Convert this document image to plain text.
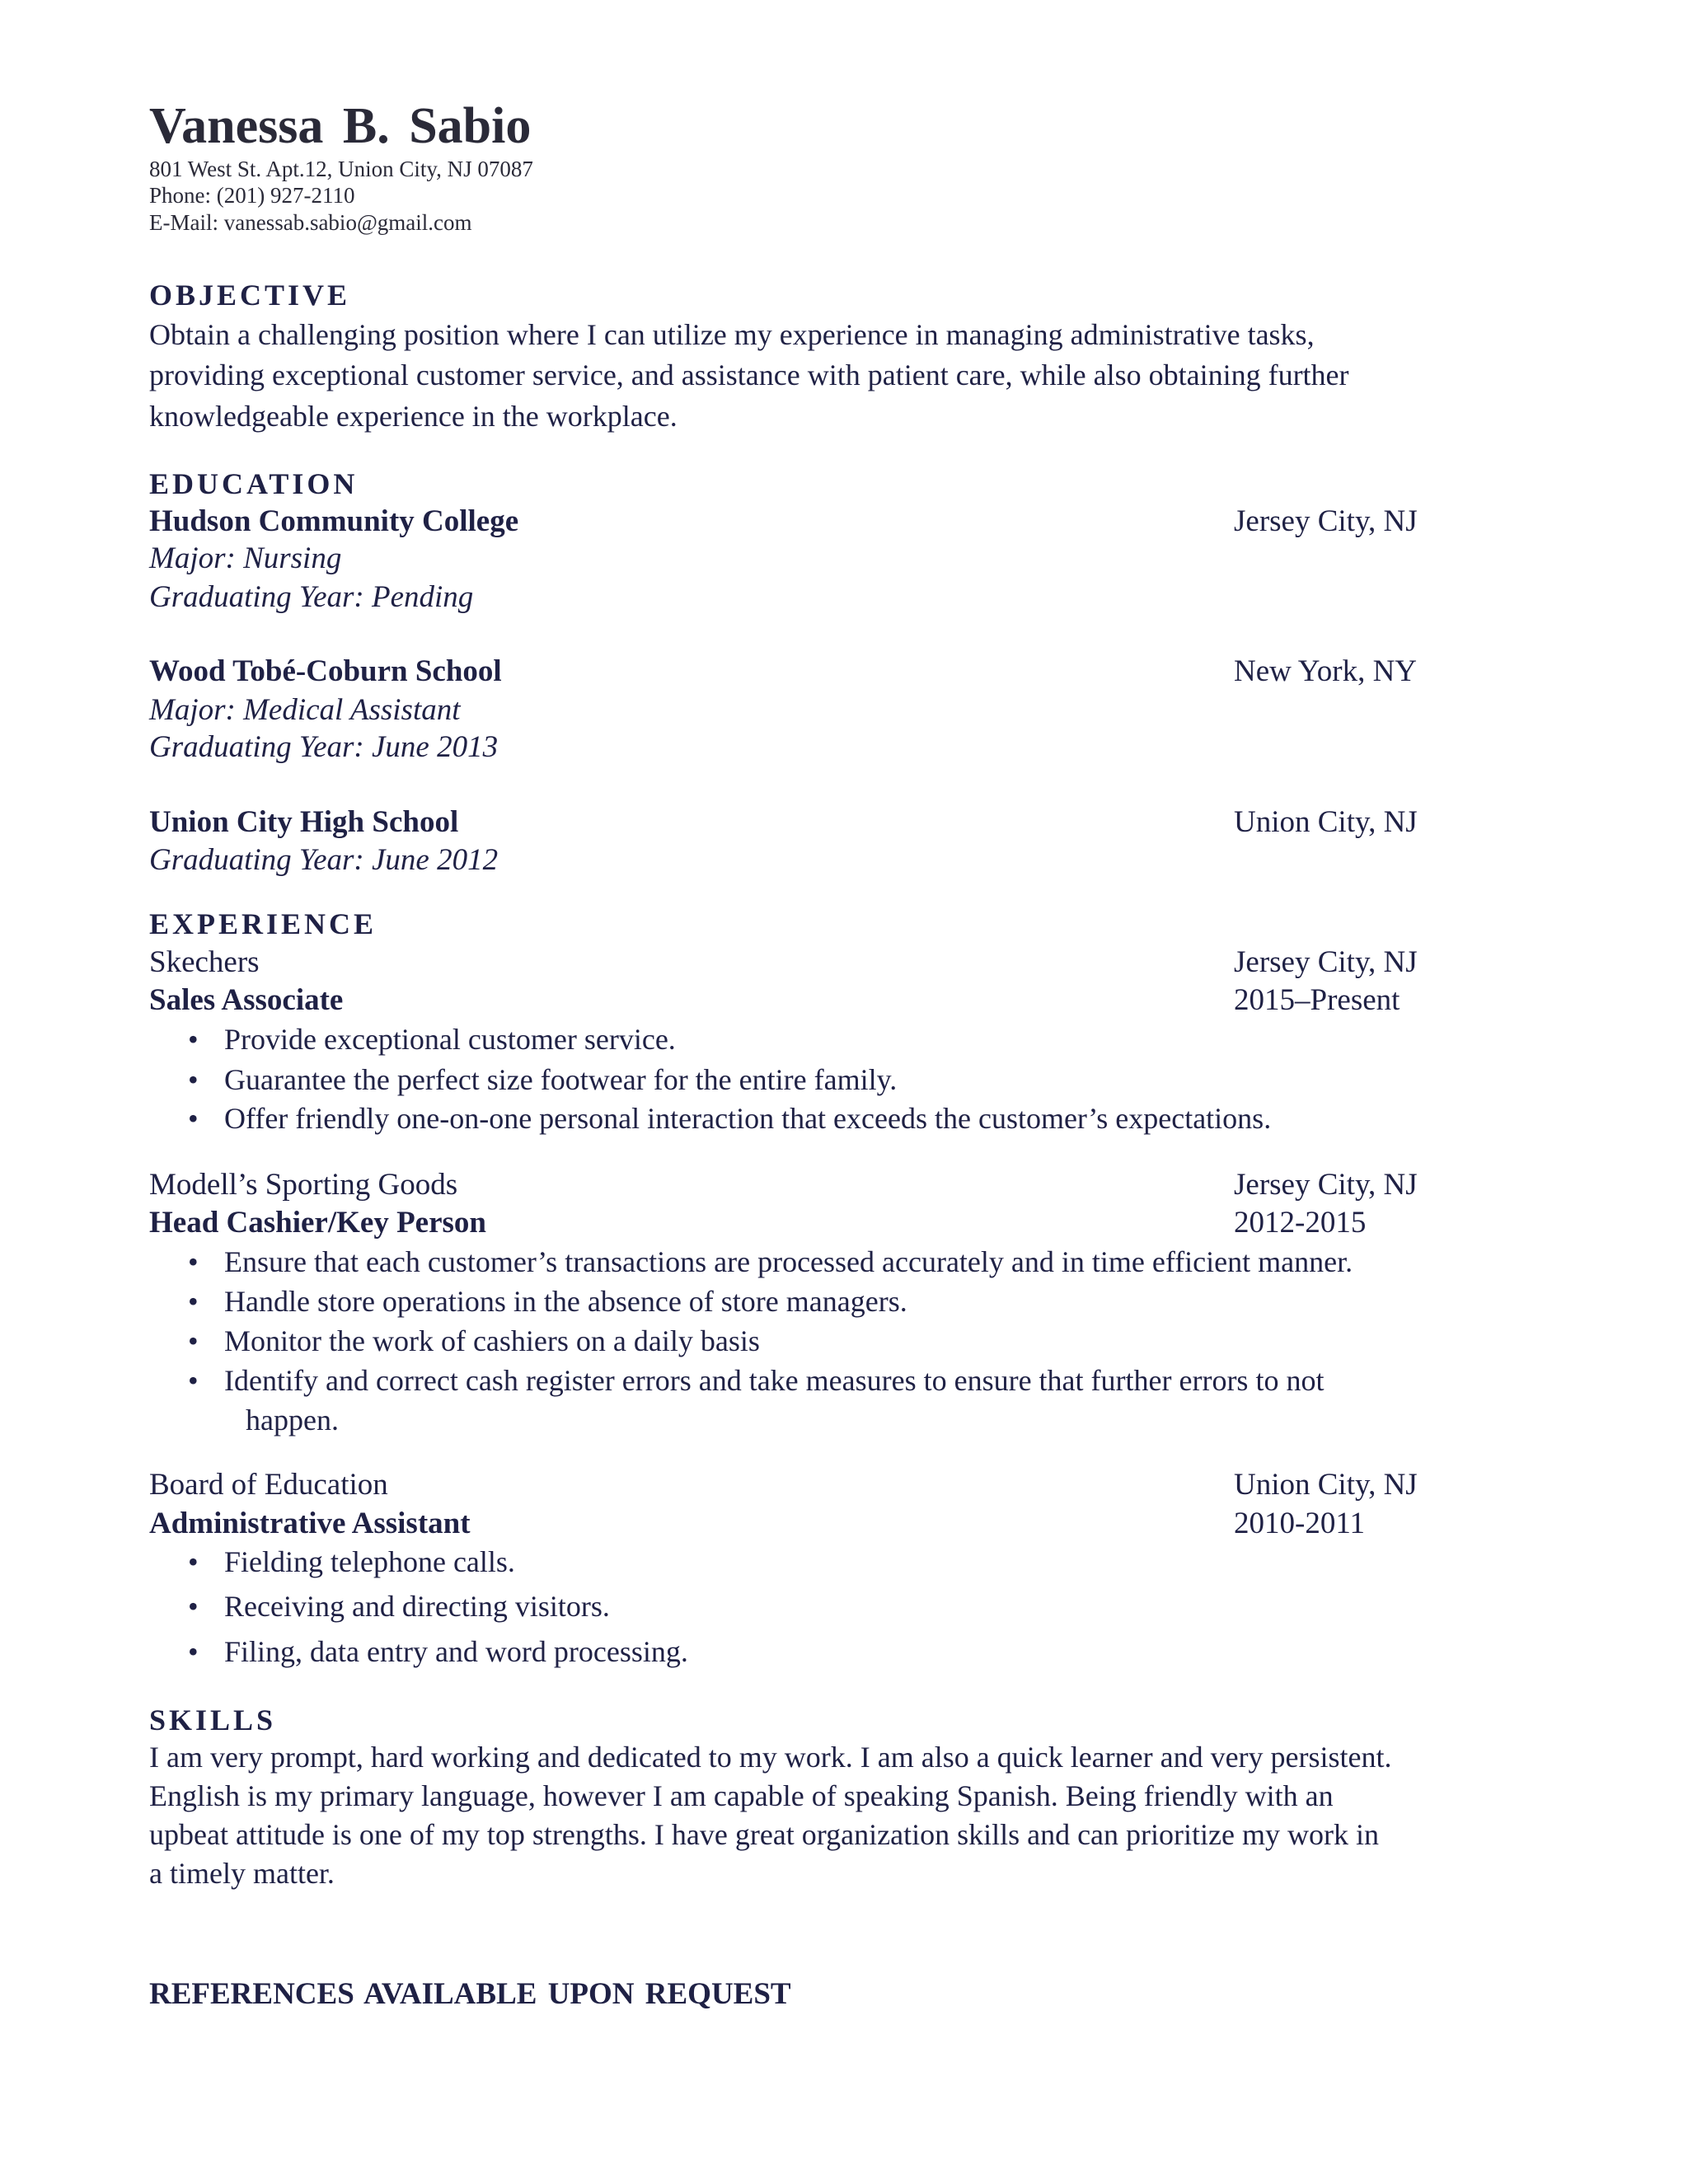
Vanessa B. Sabio
801 West St. Apt.12, Union City, NJ 07087
Phone: (201) 927-2110
E-Mail: vanessab.sabio@gmail.com
OBJECTIVE
Obtain a challenging position where I can utilize my experience in managing administrative tasks,
providing exceptional customer service, and assistance with patient care, while also obtaining further
knowledgeable experience in the workplace.
EDUCATION
Hudson Community College	Jersey City, NJ
Major: Nursing
Graduating Year: Pending
Wood Tobé-Coburn School	New York, NY
Major: Medical Assistant
Graduating Year: June 2013
Union City High School	Union City, NJ
Graduating Year: June 2012
EXPERIENCE
Skechers	Jersey City, NJ
Sales Associate	2015–Present
• Provide exceptional customer service.
• Guarantee the perfect size footwear for the entire family.
• Offer friendly one-on-one personal interaction that exceeds the customer’s expectations.
Modell’s Sporting Goods	Jersey City, NJ
Head Cashier/Key Person	2012-2015
• Ensure that each customer’s transactions are processed accurately and in time efficient manner.
• Handle store operations in the absence of store managers.
• Monitor the work of cashiers on a daily basis
• Identify and correct cash register errors and take measures to ensure that further errors to not
happen.
Board of Education	Union City, NJ
Administrative Assistant	2010-2011
• Fielding telephone calls.
• Receiving and directing visitors.
• Filing, data entry and word processing.
SKILLS
I am very prompt, hard working and dedicated to my work. I am also a quick learner and very persistent.
English is my primary language, however I am capable of speaking Spanish. Being friendly with an
upbeat attitude is one of my top strengths. I have great organization skills and can prioritize my work in
a timely matter.
REFERENCES AVAILABLE UPON REQUEST
